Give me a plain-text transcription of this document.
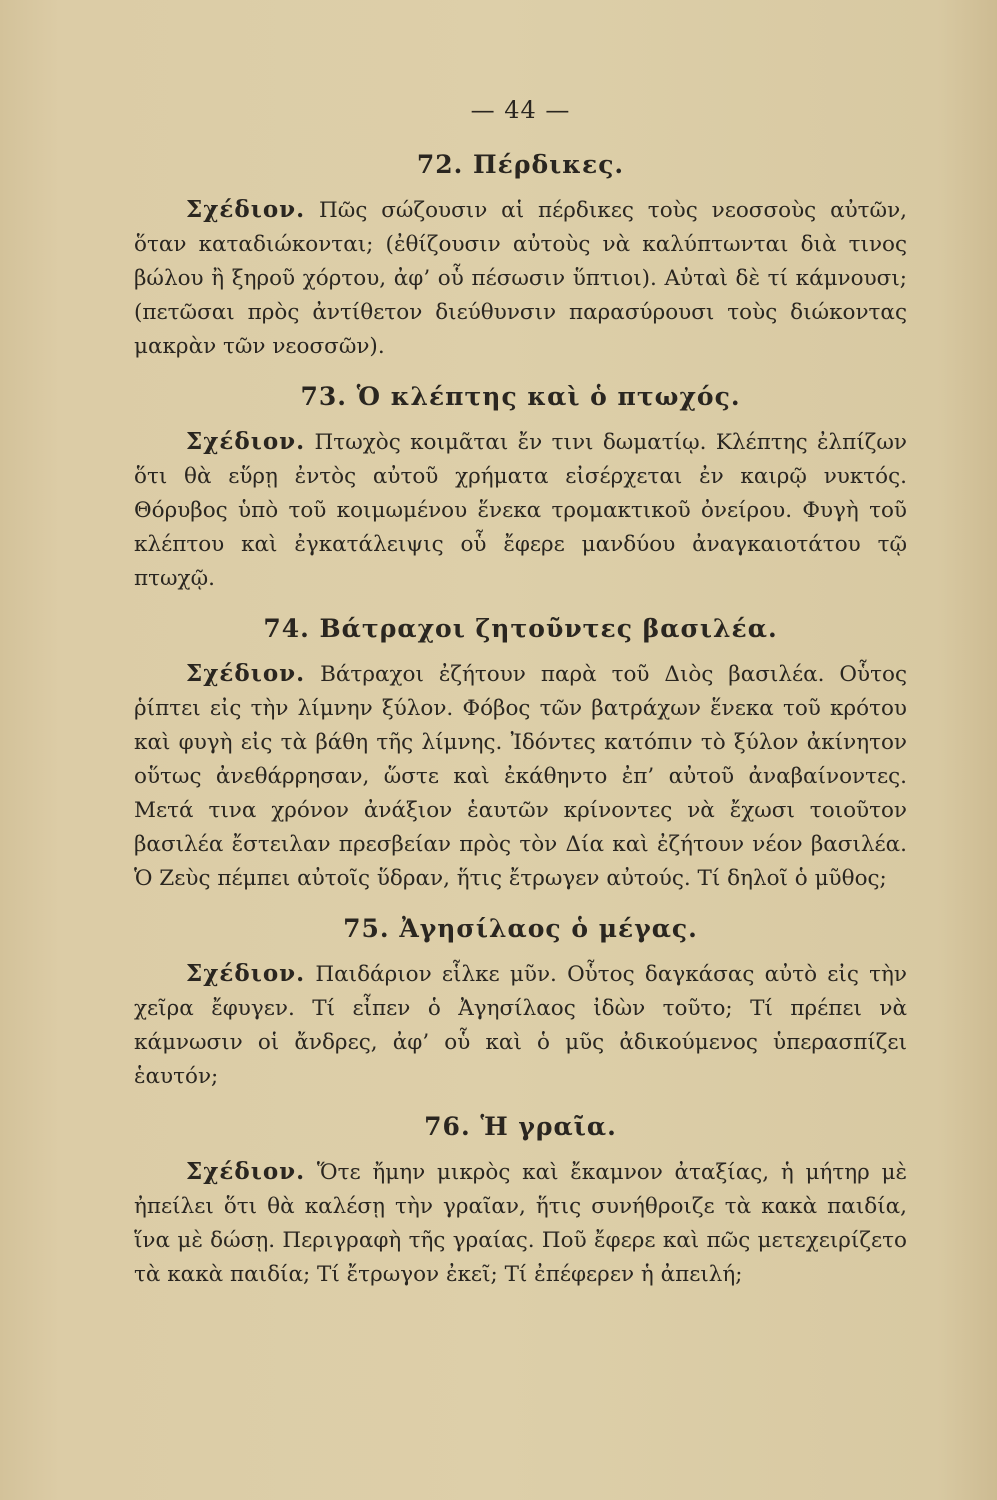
— 44 —
72. Πέρδικες.

Σχέδιον. Πῶς σώζουσιν αἱ πέρδικες τοὺς νεοσσοὺς αὐτῶν, ὅταν καταδιώκονται; (ἐθίζουσιν αὐτοὺς νὰ καλύπτωνται διὰ τινος βώλου ἢ ξηροῦ χόρτου, ἀφ’ οὗ πέσωσιν ὕπτιοι). Αὐταὶ δὲ τί κάμνουσι; (πετῶσαι πρὸς ἀντίθετον διεύθυνσιν παρασύρουσι τοὺς διώκοντας μακρὰν τῶν νεοσσῶν).

73. Ὁ κλέπτης καὶ ὁ πτωχός.

Σχέδιον. Πτωχὸς κοιμᾶται ἔν τινι δωματίῳ. Κλέπτης ἐλπίζων ὅτι θὰ εὕρῃ ἐντὸς αὐτοῦ χρήματα εἰσέρχεται ἐν καιρῷ νυκτός. Θόρυβος ὑπὸ τοῦ κοιμωμένου ἕνεκα τρομακτικοῦ ὀνείρου. Φυγὴ τοῦ κλέπτου καὶ ἐγκατάλειψις οὗ ἔφερε μανδύου ἀναγκαιοτάτου τῷ πτωχῷ.

74. Βάτραχοι ζητοῦντες βασιλέα.

Σχέδιον. Βάτραχοι ἐζήτουν παρὰ τοῦ Διὸς βασιλέα. Οὗτος ῥίπτει εἰς τὴν λίμνην ξύλον. Φόβος τῶν βατράχων ἕνεκα τοῦ κρότου καὶ φυγὴ εἰς τὰ βάθη τῆς λίμνης. Ἰδόντες κατόπιν τὸ ξύλον ἀκίνητον οὕτως ἀνεθάρρησαν, ὥστε καὶ ἐκάθηντο ἐπ’ αὐτοῦ ἀναβαίνοντες. Μετά τινα χρόνον ἀνάξιον ἑαυτῶν κρίνοντες νὰ ἔχωσι τοιοῦτον βασιλέα ἔστειλαν πρεσβείαν πρὸς τὸν Δία καὶ ἐζήτουν νέον βασιλέα. Ὁ Ζεὺς πέμπει αὐτοῖς ὕδραν, ἥτις ἔτρωγεν αὐτούς. Τί δηλοῖ ὁ μῦθος;

75. Ἀγησίλαος ὁ μέγας.

Σχέδιον. Παιδάριον εἷλκε μῦν. Οὗτος δαγκάσας αὐτὸ εἰς τὴν χεῖρα ἔφυγεν. Τί εἶπεν ὁ Ἀγησίλαος ἰδὼν τοῦτο; Τί πρέπει νὰ κάμνωσιν οἱ ἄνδρες, ἀφ’ οὗ καὶ ὁ μῦς ἀδικούμενος ὑπερασπίζει ἑαυτόν;

76. Ἡ γραῖα.

Σχέδιον. Ὅτε ἤμην μικρὸς καὶ ἔκαμνον ἀταξίας, ἡ μήτηρ μὲ ἠπείλει ὅτι θὰ καλέσῃ τὴν γραῖαν, ἥτις συνήθροιζε τὰ κακὰ παιδία, ἵνα μὲ δώσῃ. Περιγραφὴ τῆς γραίας. Ποῦ ἔφερε καὶ πῶς μετεχειρίζετο τὰ κακὰ παιδία; Τί ἔτρωγον ἐκεῖ; Τί ἐπέφερεν ἡ ἀπειλή;
